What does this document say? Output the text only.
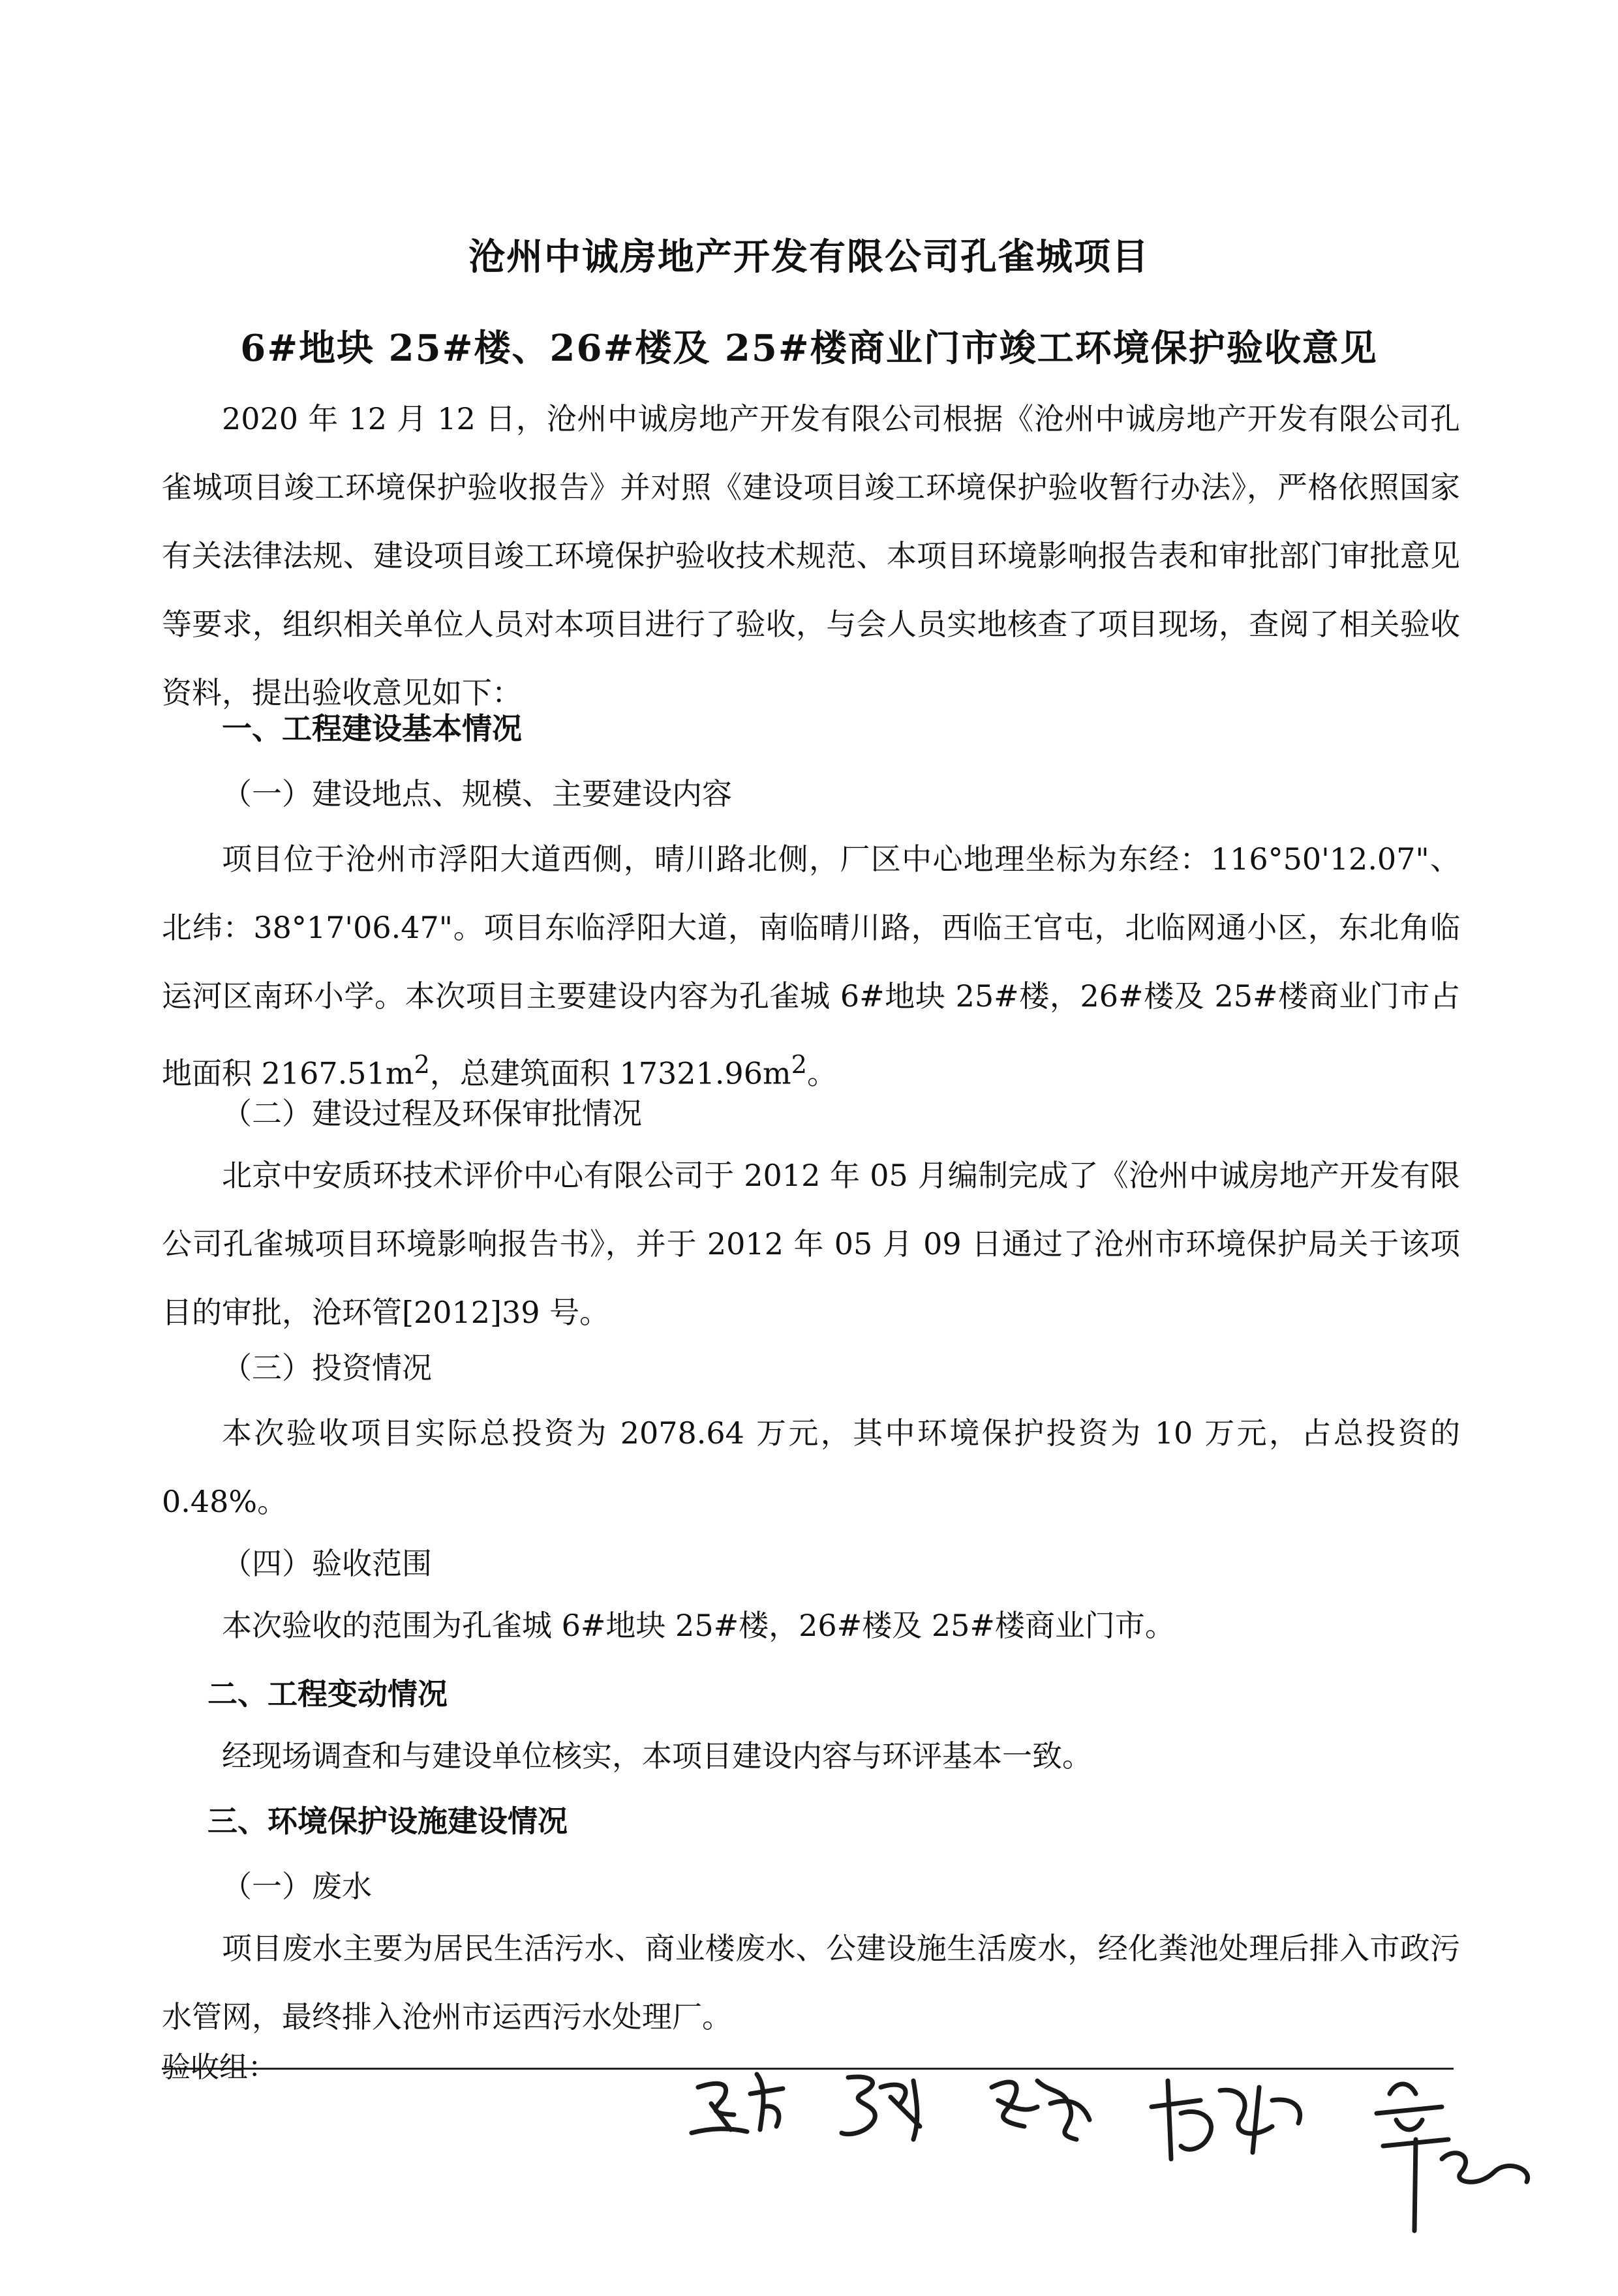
沧州中诚房地产开发有限公司孔雀城项目
6#地块 25#楼、26#楼及 25#楼商业门市竣工环境保护验收意见
2020 年 12 月 12 日，沧州中诚房地产开发有限公司根据《沧州中诚房地产开发有限公司孔雀城项目竣工环境保护验收报告》并对照《建设项目竣工环境保护验收暂行办法》，严格依照国家有关法律法规、建设项目竣工环境保护验收技术规范、本项目环境影响报告表和审批部门审批意见等要求，组织相关单位人员对本项目进行了验收，与会人员实地核查了项目现场，查阅了相关验收资料，提出验收意见如下：
一、工程建设基本情况
（一）建设地点、规模、主要建设内容
项目位于沧州市浮阳大道西侧，晴川路北侧，厂区中心地理坐标为东经：116°50'12.07"、北纬：38°17'06.47"。项目东临浮阳大道，南临晴川路，西临王官屯，北临网通小区，东北角临运河区南环小学。本次项目主要建设内容为孔雀城 6#地块 25#楼，26#楼及 25#楼商业门市占地面积 $2167.51m^2$，总建筑面积 $17321.96m^2$。
（二）建设过程及环保审批情况
北京中安质环技术评价中心有限公司于 2012 年 05 月编制完成了《沧州中诚房地产开发有限公司孔雀城项目环境影响报告书》，并于 2012 年 05 月 09 日通过了沧州市环境保护局关于该项目的审批，沧环管[2012]39 号。
（三）投资情况
本次验收项目实际总投资为 2078.64 万元，其中环境保护投资为 10 万元，占总投资的 0.48%。
（四）验收范围
本次验收的范围为孔雀城 6#地块 25#楼，26#楼及 25#楼商业门市。
二、工程变动情况
经现场调查和与建设单位核实，本项目建设内容与环评基本一致。
三、环境保护设施建设情况
（一）废水
项目废水主要为居民生活污水、商业楼废水、公建设施生活废水，经化粪池处理后排入市政污水管网，最终排入沧州市运西污水处理厂。
验收组：
